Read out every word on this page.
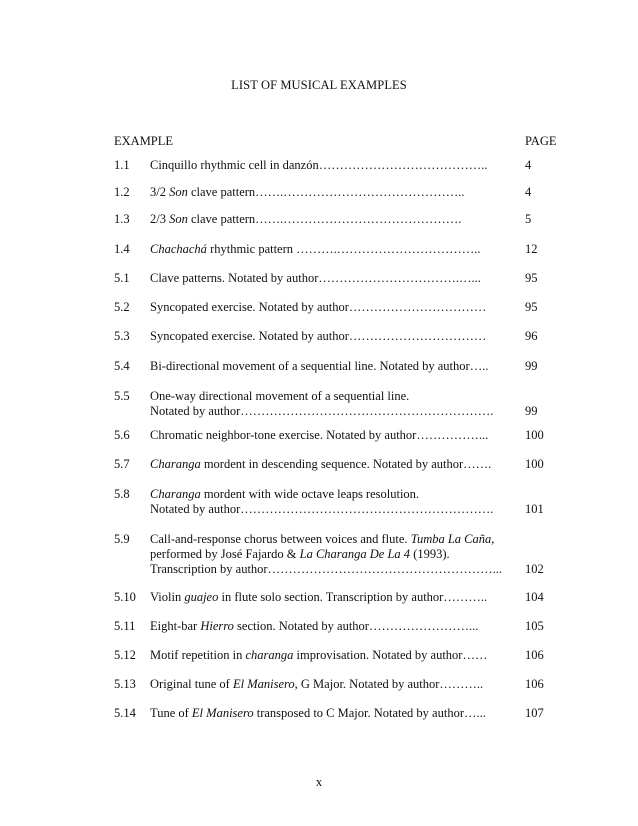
LIST OF MUSICAL EXAMPLES
EXAMPLE	PAGE
1.1 Cinquillo rhythmic cell in danzón…………………………………..	4
1.2 3/2 Son clave pattern…….……………………………………..	4
1.3 2/3 Son clave pattern…….…………………………………….	5
1.4 Chachachá rhythmic pattern ……….……………………………..	12
5.1 Clave patterns. Notated by author…………………………….…...	95
5.2 Syncopated exercise. Notated by author……………………………	95
5.3 Syncopated exercise. Notated by author……………………………	96
5.4 Bi-directional movement of a sequential line. Notated by author…..	99
5.5 One-way directional movement of a sequential line.
Notated by author…………………………………………………….	99
5.6 Chromatic neighbor-tone exercise. Notated by author……………...	100
5.7 Charanga mordent in descending sequence. Notated by author…….	100
5.8 Charanga mordent with wide octave leaps resolution.
Notated by author…………………………………………………….	101
5.9 Call-and-response chorus between voices and flute. Tumba La Caña,
performed by José Fajardo & La Charanga De La 4 (1993).
Transcription by author………………………………………………...	102
5.10 Violin guajeo in flute solo section. Transcription by author………..	104
5.11 Eight-bar Hierro section. Notated by author……………………...	105
5.12 Motif repetition in charanga improvisation. Notated by author……	106
5.13 Original tune of El Manisero, G Major. Notated by author………..	106
5.14 Tune of El Manisero transposed to C Major. Notated by author…...	107
x
